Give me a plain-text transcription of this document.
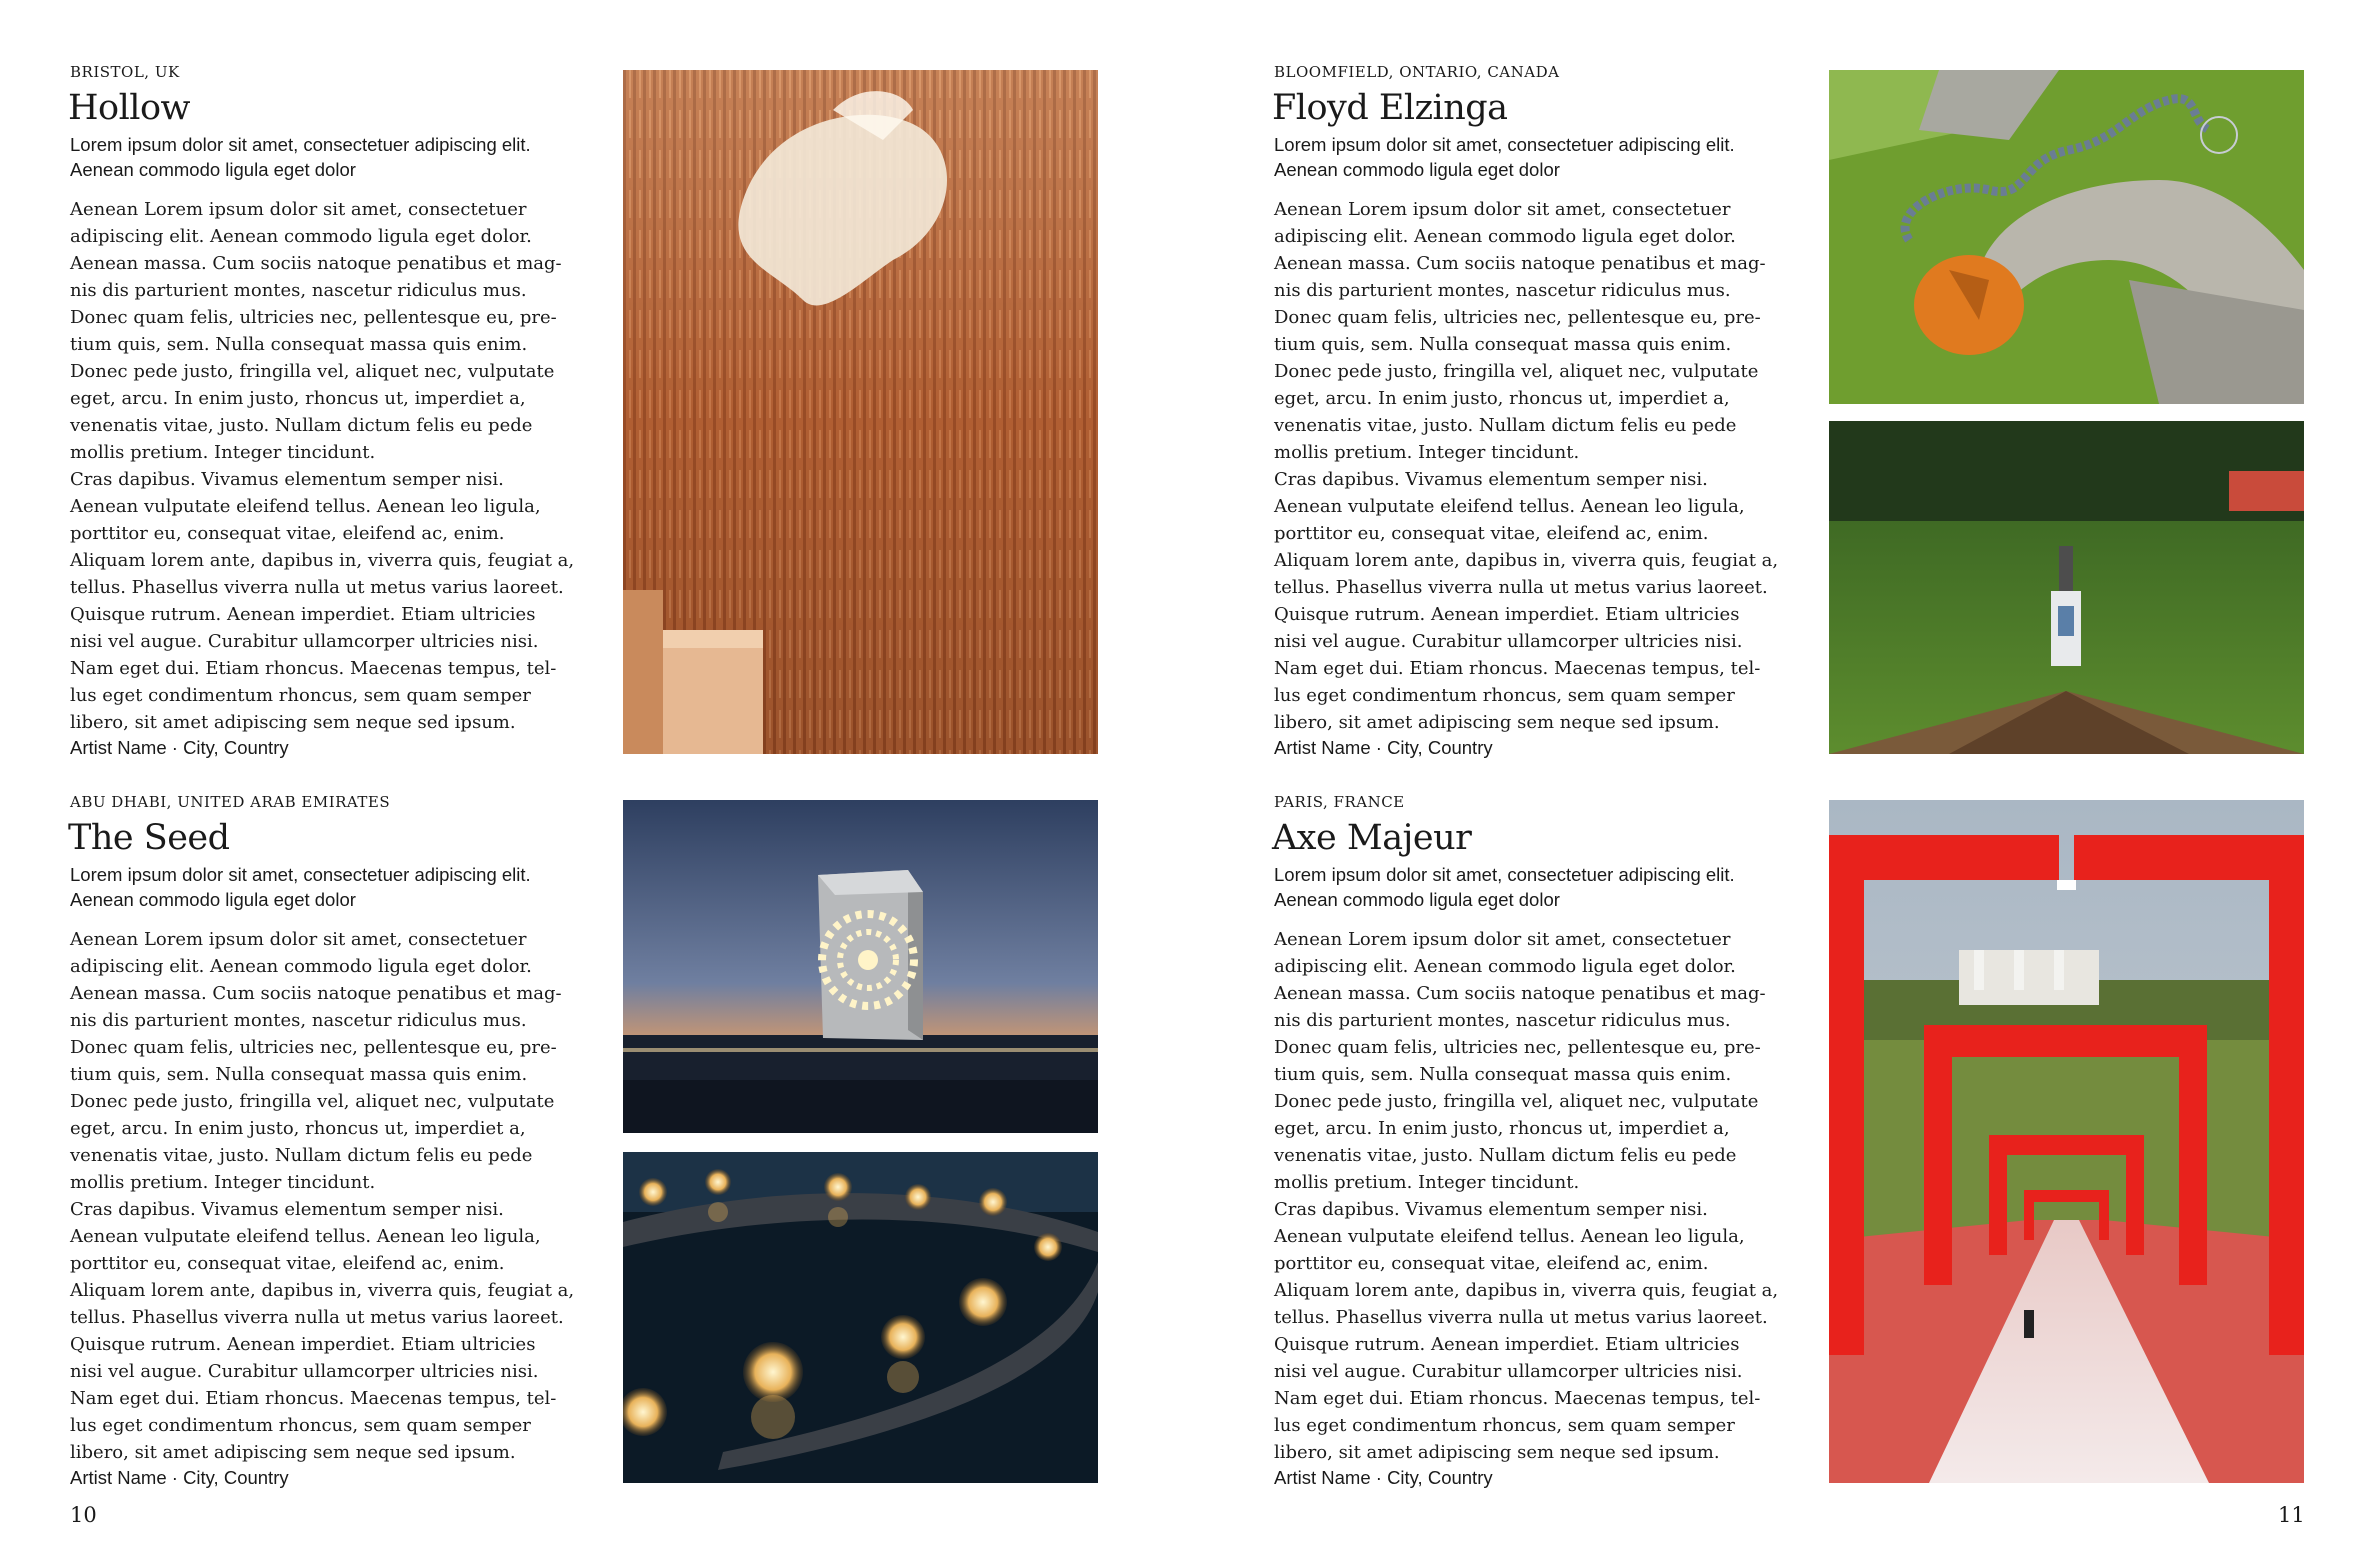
BRISTOL, UK
Hollow
Lorem ipsum dolor sit amet, consectetuer adipiscing elit. Aenean commodo ligula eget dolor
Aenean Lorem ipsum dolor sit amet, consectetuer
adipiscing elit. Aenean commodo ligula eget dolor.
Aenean massa. Cum sociis natoque penatibus et mag-
nis dis parturient montes, nascetur ridiculus mus.
Donec quam felis, ultricies nec, pellentesque eu, pre-
tium quis, sem. Nulla consequat massa quis enim.
Donec pede justo, fringilla vel, aliquet nec, vulputate
eget, arcu. In enim justo, rhoncus ut, imperdiet a,
venenatis vitae, justo. Nullam dictum felis eu pede
mollis pretium. Integer tincidunt.
Cras dapibus. Vivamus elementum semper nisi.
Aenean vulputate eleifend tellus. Aenean leo ligula,
porttitor eu, consequat vitae, eleifend ac, enim.
Aliquam lorem ante, dapibus in, viverra quis, feugiat a,
tellus. Phasellus viverra nulla ut metus varius laoreet.
Quisque rutrum. Aenean imperdiet. Etiam ultricies
nisi vel augue. Curabitur ullamcorper ultricies nisi.
Nam eget dui. Etiam rhoncus. Maecenas tempus, tel-
lus eget condimentum rhoncus, sem quam semper
libero, sit amet adipiscing sem neque sed ipsum.
Artist Name · City, Country
BLOOMFIELD, ONTARIO, CANADA
Floyd Elzinga
Lorem ipsum dolor sit amet, consectetuer adipiscing elit. Aenean commodo ligula eget dolor
Aenean Lorem ipsum dolor sit amet, consectetuer
adipiscing elit. Aenean commodo ligula eget dolor.
Aenean massa. Cum sociis natoque penatibus et mag-
nis dis parturient montes, nascetur ridiculus mus.
Donec quam felis, ultricies nec, pellentesque eu, pre-
tium quis, sem. Nulla consequat massa quis enim.
Donec pede justo, fringilla vel, aliquet nec, vulputate
eget, arcu. In enim justo, rhoncus ut, imperdiet a,
venenatis vitae, justo. Nullam dictum felis eu pede
mollis pretium. Integer tincidunt.
Cras dapibus. Vivamus elementum semper nisi.
Aenean vulputate eleifend tellus. Aenean leo ligula,
porttitor eu, consequat vitae, eleifend ac, enim.
Aliquam lorem ante, dapibus in, viverra quis, feugiat a,
tellus. Phasellus viverra nulla ut metus varius laoreet.
Quisque rutrum. Aenean imperdiet. Etiam ultricies
nisi vel augue. Curabitur ullamcorper ultricies nisi.
Nam eget dui. Etiam rhoncus. Maecenas tempus, tel-
lus eget condimentum rhoncus, sem quam semper
libero, sit amet adipiscing sem neque sed ipsum.
Artist Name · City, Country
ABU DHABI, UNITED ARAB EMIRATES
The Seed
Lorem ipsum dolor sit amet, consectetuer adipiscing elit. Aenean commodo ligula eget dolor
Aenean Lorem ipsum dolor sit amet, consectetuer
adipiscing elit. Aenean commodo ligula eget dolor.
Aenean massa. Cum sociis natoque penatibus et mag-
nis dis parturient montes, nascetur ridiculus mus.
Donec quam felis, ultricies nec, pellentesque eu, pre-
tium quis, sem. Nulla consequat massa quis enim.
Donec pede justo, fringilla vel, aliquet nec, vulputate
eget, arcu. In enim justo, rhoncus ut, imperdiet a,
venenatis vitae, justo. Nullam dictum felis eu pede
mollis pretium. Integer tincidunt.
Cras dapibus. Vivamus elementum semper nisi.
Aenean vulputate eleifend tellus. Aenean leo ligula,
porttitor eu, consequat vitae, eleifend ac, enim.
Aliquam lorem ante, dapibus in, viverra quis, feugiat a,
tellus. Phasellus viverra nulla ut metus varius laoreet.
Quisque rutrum. Aenean imperdiet. Etiam ultricies
nisi vel augue. Curabitur ullamcorper ultricies nisi.
Nam eget dui. Etiam rhoncus. Maecenas tempus, tel-
lus eget condimentum rhoncus, sem quam semper
libero, sit amet adipiscing sem neque sed ipsum.
Artist Name · City, Country
PARIS, FRANCE
Axe Majeur
Lorem ipsum dolor sit amet, consectetuer adipiscing elit. Aenean commodo ligula eget dolor
Aenean Lorem ipsum dolor sit amet, consectetuer
adipiscing elit. Aenean commodo ligula eget dolor.
Aenean massa. Cum sociis natoque penatibus et mag-
nis dis parturient montes, nascetur ridiculus mus.
Donec quam felis, ultricies nec, pellentesque eu, pre-
tium quis, sem. Nulla consequat massa quis enim.
Donec pede justo, fringilla vel, aliquet nec, vulputate
eget, arcu. In enim justo, rhoncus ut, imperdiet a,
venenatis vitae, justo. Nullam dictum felis eu pede
mollis pretium. Integer tincidunt.
Cras dapibus. Vivamus elementum semper nisi.
Aenean vulputate eleifend tellus. Aenean leo ligula,
porttitor eu, consequat vitae, eleifend ac, enim.
Aliquam lorem ante, dapibus in, viverra quis, feugiat a,
tellus. Phasellus viverra nulla ut metus varius laoreet.
Quisque rutrum. Aenean imperdiet. Etiam ultricies
nisi vel augue. Curabitur ullamcorper ultricies nisi.
Nam eget dui. Etiam rhoncus. Maecenas tempus, tel-
lus eget condimentum rhoncus, sem quam semper
libero, sit amet adipiscing sem neque sed ipsum.
Artist Name · City, Country
10	11
